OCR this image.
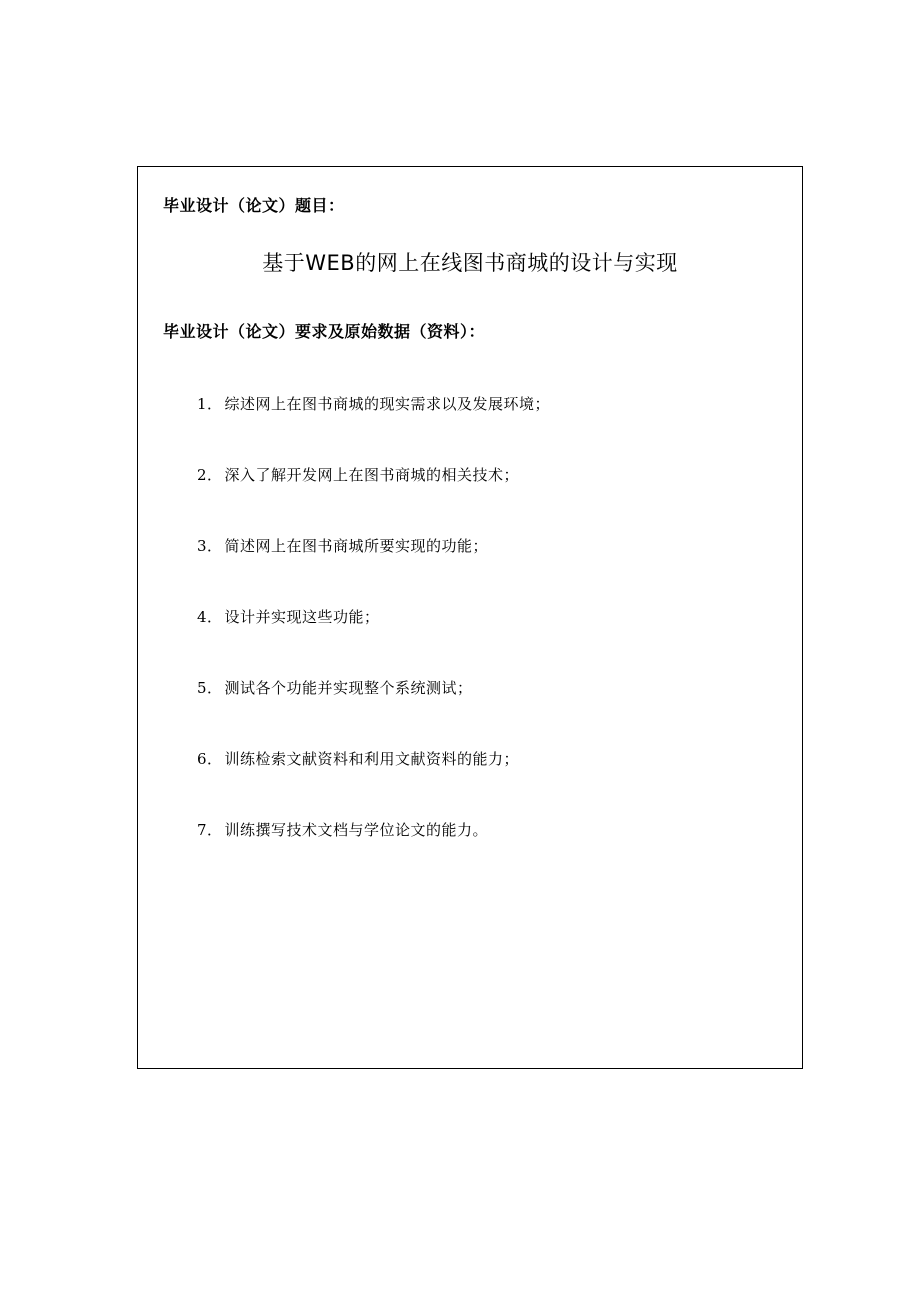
毕业设计（论文）题目：
基于WEB的网上在线图书商城的设计与实现
毕业设计（论文）要求及原始数据（资料）：
1． 综述网上在图书商城的现实需求以及发展环境；
2． 深入了解开发网上在图书商城的相关技术；
3． 简述网上在图书商城所要实现的功能；
4． 设计并实现这些功能；
5． 测试各个功能并实现整个系统测试；
6． 训练检索文献资料和利用文献资料的能力；
7． 训练撰写技术文档与学位论文的能力。
